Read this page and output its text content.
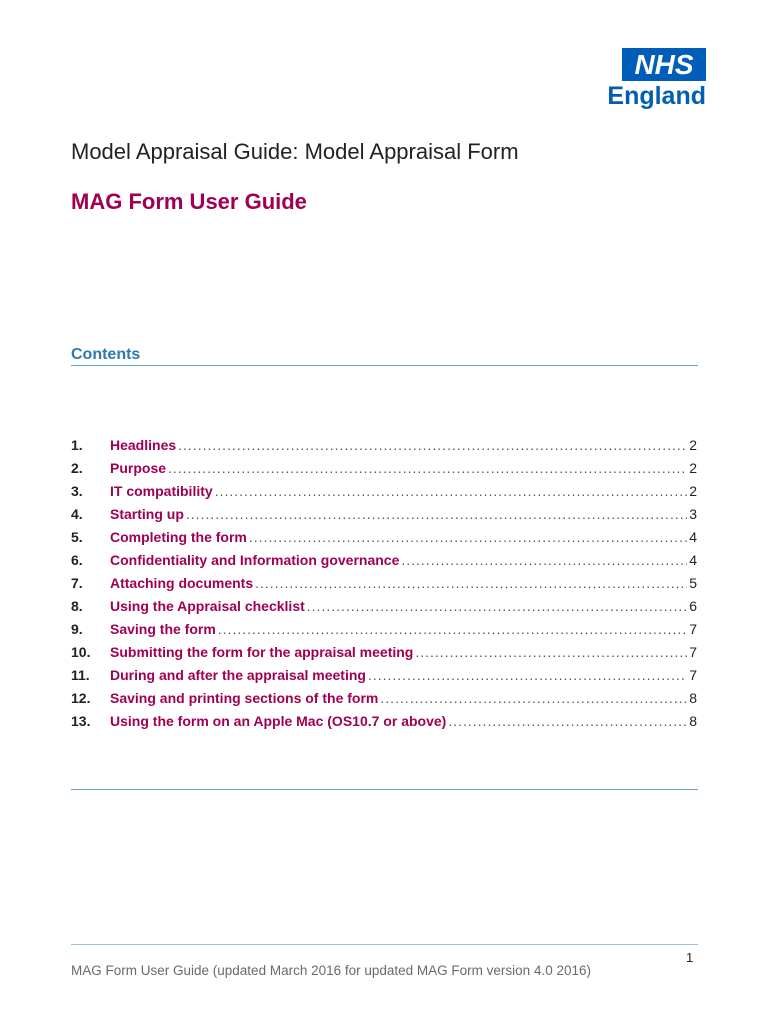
NHS
England
Model Appraisal Guide: Model Appraisal Form
MAG Form User Guide
Contents
1.	Headlines .....	2
2.	Purpose .....	2
3.	IT compatibility .....	2
4.	Starting up .....	3
5.	Completing the form .....	4
6.	Confidentiality and Information governance .....	4
7.	Attaching documents .....	5
8.	Using the Appraisal checklist .....	6
9.	Saving the form .....	7
10.	Submitting the form for the appraisal meeting .....	7
11.	During and after the appraisal meeting .....	7
12.	Saving and printing sections of the form .....	8
13.	Using the form on an Apple Mac (OS10.7 or above) .....	8
1
MAG Form User Guide (updated March 2016 for updated MAG Form version 4.0 2016)
